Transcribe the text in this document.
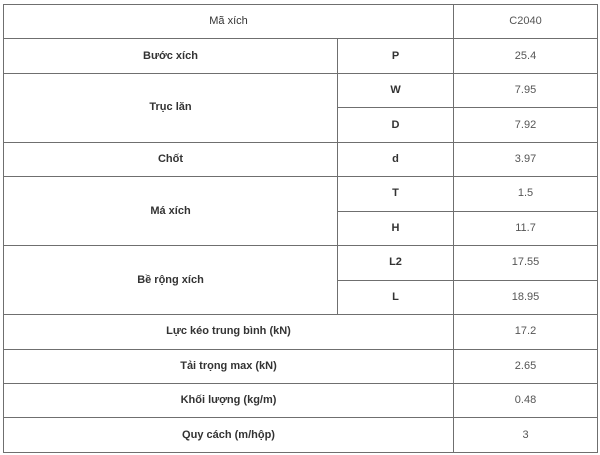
Mã xích		C2040
Bước xích	P	25.4
Trục lăn	W	7.95
	D	7.92
Chốt	d	3.97
Má xích	T	1.5
	H	11.7
Bề rộng xích	L2	17.55
	L	18.95
Lực kéo trung bình (kN)		17.2
Tải trọng max (kN)		2.65
Khối lượng (kg/m)		0.48
Quy cách (m/hộp)		3
